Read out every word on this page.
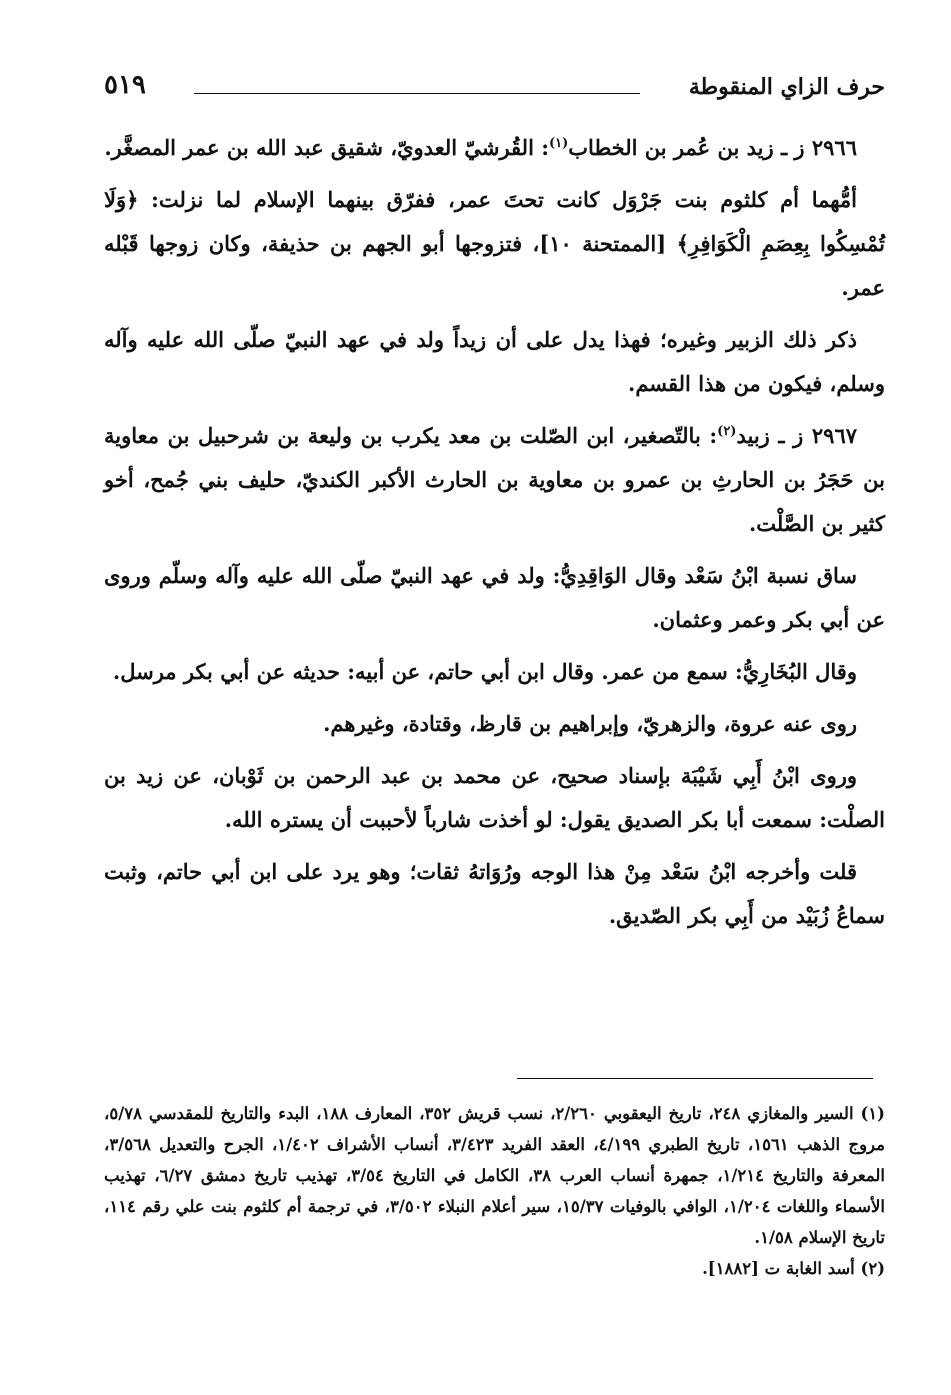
حرف الزاي المنقوطة
٥١٩

٢٩٦٦ ز ـ زيد بن عُمر بن الخطاب$^{(١)}$: القُرشيّ العدويّ، شقيق عبد الله بن عمر المصغَّر.

أمُّهما أم كلثوم بنت جَرْوَل كانت تحتَ عمر، ففرّق بينهما الإسلام لما نزلت: ﴿وَلَا تُمْسِكُوا بِعِصَمِ الْكَوَافِرِ﴾ [الممتحنة ١٠]، فتزوجها أبو الجهم بن حذيفة، وكان زوجها قَبْله عمر.

ذكر ذلك الزبير وغيره؛ فهذا يدل على أن زيداً ولد في عهد النبيّ صلّى الله عليه وآله وسلم، فيكون من هذا القسم.

٢٩٦٧ ز ـ زبيد$^{(٢)}$: بالتّصغير، ابن الصّلت بن معد يكرب بن وليعة بن شرحبيل بن معاوية بن حَجَرُ بن الحارثِ بن عمرو بن معاوية بن الحارث الأكبر الكنديّ، حليف بني جُمح، أخو كثير بن الصَّلْت.

ساق نسبة ابْنُ سَعْد وقال الوَاقِدِيُّ: ولد في عهد النبيّ صلّى الله عليه وآله وسلّم وروى عن أبي بكر وعمر وعثمان.

وقال البُخَارِيُّ: سمع من عمر. وقال ابن أبي حاتم، عن أبيه: حديثه عن أبي بكر مرسل.

روى عنه عروة، والزهريّ، وإبراهيم بن قارظ، وقتادة، وغيرهم.

وروى ابْنُ أَبِي شَيْبَة بإسناد صحيح، عن محمد بن عبد الرحمن بن ثَوْبان، عن زيد بن الصلْت: سمعت أبا بكر الصديق يقول: لو أخذت شارباً لأحببت أن يستره الله.

قلت وأخرجه ابْنُ سَعْد مِنْ هذا الوجه ورُوَاتهُ ثقات؛ وهو يرد على ابن أبي حاتم، وثبت سماعُ زُبَيْد من أَبِي بكر الصّديق.

(١) السير والمغازي ٢٤٨، تاريخ اليعقوبي ٢/٢٦٠، نسب قريش ٣٥٢، المعارف ١٨٨، البدء والتاريخ للمقدسي ٥/٧٨، مروج الذهب ١٥٦١، تاريخ الطبري ٤/١٩٩، العقد الفريد ٣/٤٢٣، أنساب الأشراف ١/٤٠٢، الجرح والتعديل ٣/٥٦٨، المعرفة والتاريخ ١/٢١٤، جمهرة أنساب العرب ٣٨، الكامل في التاريخ ٣/٥٤، تهذيب تاريخ دمشق ٦/٢٧، تهذيب الأسماء واللغات ١/٢٠٤، الوافي بالوفيات ١٥/٣٧، سير أعلام النبلاء ٣/٥٠٢، في ترجمة أم كلثوم بنت علي رقم ١١٤، تاريخ الإسلام ١/٥٨.

(٢) أسد الغابة ت [١٨٨٢].
